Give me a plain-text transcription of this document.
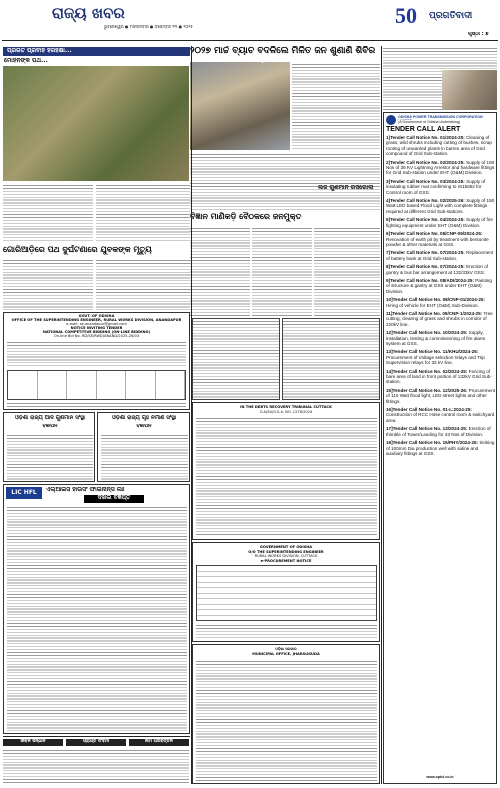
ରାଜ୍ୟ ଖବର
ଭୁବନେଶ୍ୱର ● ମଙ୍ଗଳବାର ● ଡିସେମ୍ବର ୨୩ ● ୨୦୨୫	50	ପ୍ରଗତିବାଦୀ
ପୃଷ୍ଠା : ୭
ପ୍ରଗତି ପ୍ରବାହ ହରିହିକ୍ଷା...
ମୋହନଙ୍କ ପଥ...
ଗୋରିଆଡ଼ିରେ ପଥ ଦୁର୍ଘଟଣାରେ ଯୁବକଙ୍କ ମୃତ୍ୟୁ
୨୦୨୭ ମାର୍ଚ୍ଚ ବ୍ୟାଚ ବଦଳିଲେ ମିଳିତ ଜନ ଶୁଣାଣି ଶିବିର
ବିଜ୍ଞାନ ମାଣିକଡ଼ି ବୈଠକରେ ଜନମୁକ୍ତ
ଲିଜି ଗୁଣମାନ ରସଗୋଲା
GOVT. OF ODISHA
OFFICE OF THE SUPERINTENDING ENGINEER, RURAL WORKS DIVISION, ANANDAPUR
e-mail: se.anandapur@gmail.com
NOTICE INVITING TENDER
NATIONAL COMPETITIVE BIDDING (ON-LINE BIDDING)
On-line Bid No. RD/SE/RWD/ANAND/2025-26/03
ଓଡ଼ିଶା ରାଜ୍ୟ ଆଦି ଗୁଣମାନ ସଂସ୍ଥା
ବିଜ୍ଞାପନ
ଓଡ଼ିଶା ରାଜ୍ୟ ଗୃହ ନିର୍ମାଣ ସଂସ୍ଥା
ବିଜ୍ଞାପନ
LIC HFL	ଏଲ୍ଆଇସି ହାଉସିଂ ଫାଇନାନ୍ସ ଲିଃ
ଦଖଲ ବିଜ୍ଞପ୍ତି
ଜୀବନ ସନ୍ଧାନ	ପ୍ରାପ୍ତି ସଂବାଦ	ନାମ ପରିବର୍ତ୍ତନ
IN THE DEBTS RECOVERY TRIBUNAL CUTTACK
O.A/SA/O.S.A. NO. 1276/2024
GOVERNMENT OF ODISHA
O/O THE SUPERINTENDING ENGINEER
RURAL WORKS DIVISION, CUTTACK
e-PROCUREMENT NOTICE
ଓଡ଼ିଶା ସରକାର
MUNICIPAL OFFICE, JHARSUGUDA
ODISHA POWER TRANSMISSION CORPORATION
(A Government of Odisha Undertaking)
TENDER CALL ALERT
1]Tender Call Notice No. 01/2024-25: Cleaning of grass, wild shrubs including cutting of bushes, scrap rooting of unwanted plants in barren area of Grid compound of Grid Sub-station.
2]Tender Call Notice No. 02/2024-25: Supply of 150 Nos of 36 KV Lightning Arrestor and hardware fittings for Grid Sub-station under EHT (O&M) Division.
3]Tender Call Notice No. 03/2024-25: Supply of insulating rubber mat confirming to IS15652 for Control room of GSS.
4]Tender Call Notice No. 02/2025-26: Supply of 150 Watt LED based Flood Light with complete fittings required at different Grid Sub-stations.
5]Tender Call Notice No. 04/2024-25: Supply of fire fighting equipment under EHT (O&M) Division.
6]Tender Call Notice No. 05/CNP-09/2024-25: Renovation of earth pit by treatment with bentonite powder & other materials at GSS.
7]Tender Call Notice No. 07/2024-25: Replacement of battery bank at Grid Sub-station.
8]Tender Call Notice No. 07/2024-25: Erection of gantry & bus bar arrangement at 132/33kV GSS.
9]Tender Call Notice No. 08/ADI/2024-25: Painting of structure & gantry at GSS under EHT (O&M) Division.
10]Tender Call Notice No. 08/CNP-01/2024-25: Hiring of vehicle for EHT (O&M) Sub-Division.
11]Tender Call Notice No. 09/CNP-1/2024-25: Tree cutting, clearing of grass and shrubs in corridor of 220kV line.
12]Tender Call Notice No. 10/2024-25: Supply, installation, testing & commissioning of fire alarm system at GSS.
13]Tender Call Notice No. 11/KHU/2024-25: Procurement of Voltage selection relays and Trip Supervision relays for 33 kV line.
14]Tender Call Notice No. 02/2024-25: Fencing of bare area of land in front portion of 132kV Grid Sub-station.
15]Tender Call Notice No. 12/2025-26: Procurement of 110 Watt flood light, LED street lights and other fittings.
16]Tender Call Notice No. 01-L:2024-25: Construction of RCC Hose control room & switchyard area.
17]Tender Call Notice No. 13/2024-25: Erection of thimble of Tower/Landing for 33 Nos of Division.
18]Tender Call Notice No. 15/PHY/2024-25: Sinking of 100mm Dia production well with saline and auxiliary fittings at GSS.
www.optcl.co.in
